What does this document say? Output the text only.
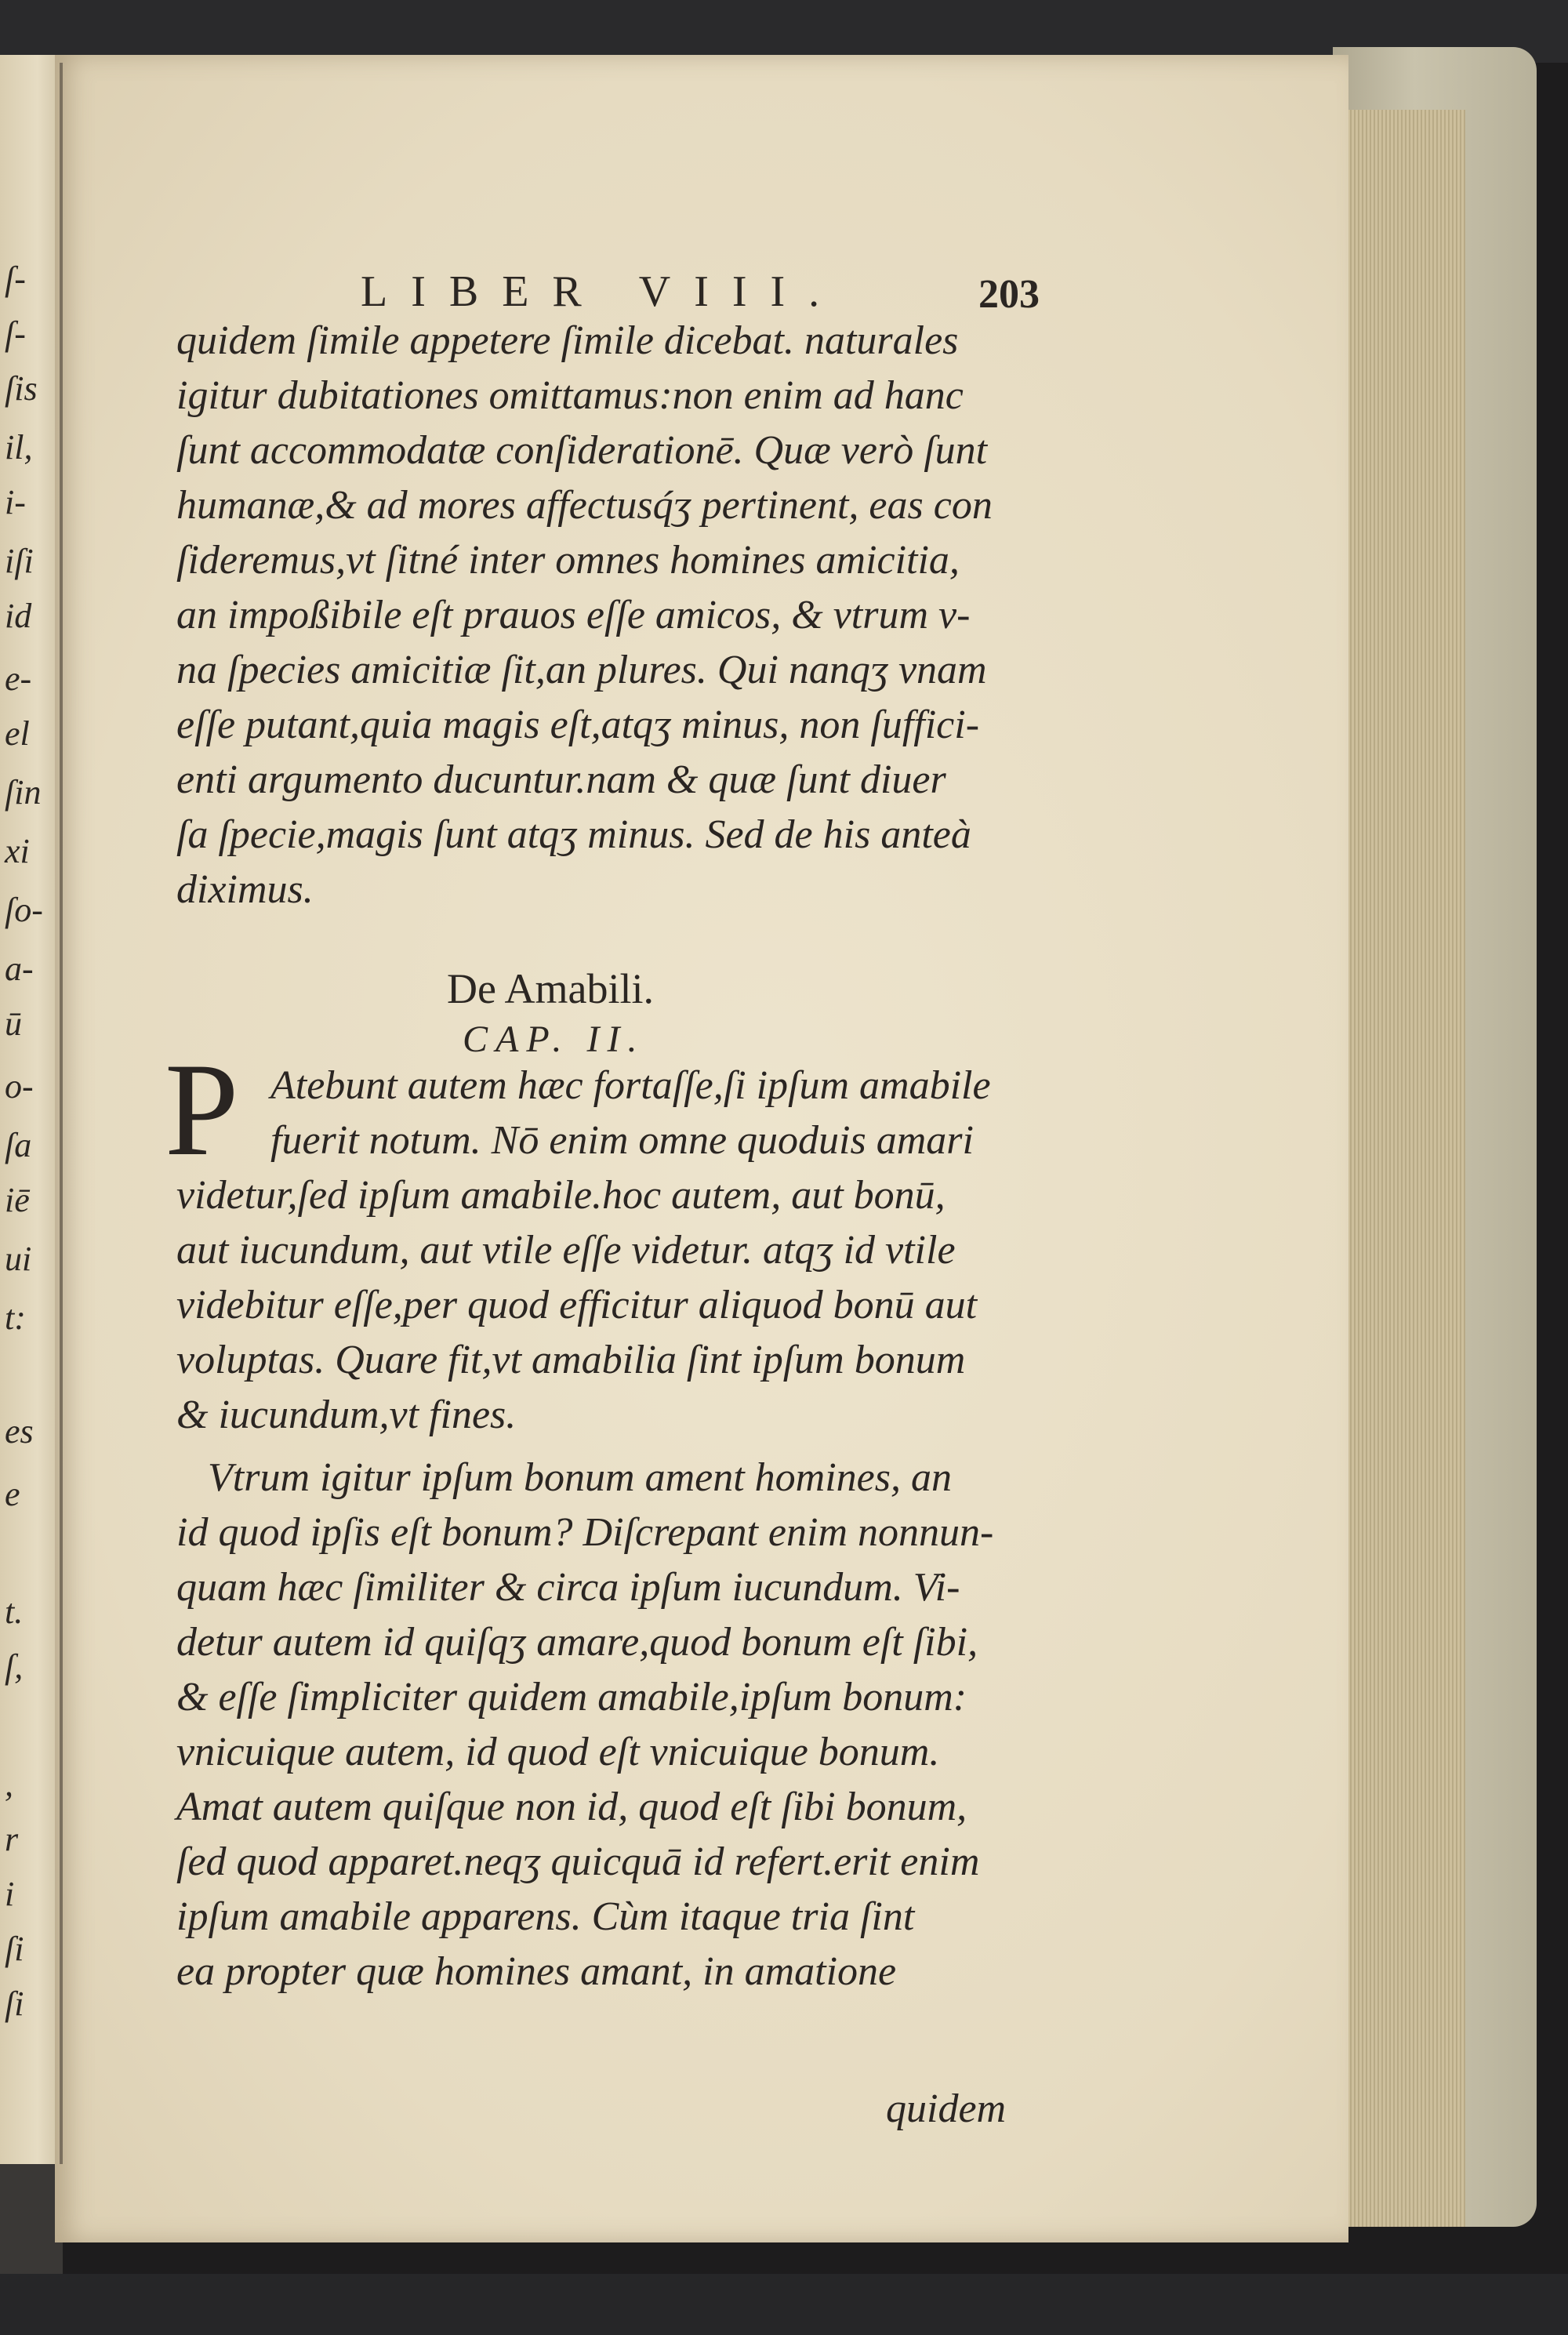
LIBER VIII.	203
quidem ſimile appetere ſimile dicebat. naturales
igitur dubitationes omittamus:non enim ad hanc
ſunt accommodatæ conſiderationē. Quæ verò ſunt
humanæ,& ad mores affectusq́ʒ pertinent, eas con
ſideremus,vt ſitné inter omnes homines amicitia,
an impoßibile eſt prauos eſſe amicos, & vtrum v-
na ſpecies amicitiæ ſit,an plures. Qui nanqʒ vnam
eſſe putant,quia magis eſt,atqʒ minus, non ſuffici-
enti argumento ducuntur.nam & quæ ſunt diuer
ſa ſpecie,magis ſunt atqʒ minus. Sed de his anteà
diximus.
De Amabili.
CAP. II.
P Atebunt autem hæc fortaſſe,ſi ipſum amabile
fuerit notum. Nō enim omne quoduis amari
videtur,ſed ipſum amabile.hoc autem, aut bonū,
aut iucundum, aut vtile eſſe videtur. atqʒ id vtile
videbitur eſſe,per quod efficitur aliquod bonū aut
voluptas. Quare fit,vt amabilia ſint ipſum bonum
& iucundum,vt fines.
Vtrum igitur ipſum bonum ament homines, an
id quod ipſis eſt bonum? Diſcrepant enim nonnun-
quam hæc ſimiliter & circa ipſum iucundum. Vi-
detur autem id quiſqʒ amare,quod bonum eſt ſibi,
& eſſe ſimpliciter quidem amabile,ipſum bonum:
vnicuique autem, id quod eſt vnicuique bonum.
Amat autem quiſque non id, quod eſt ſibi bonum,
ſed quod apparet.neqʒ quicquā id refert.erit enim
ipſum amabile apparens. Cùm itaque tria ſint
ea propter quæ homines amant, in amatione
quidem
ſ-
ſ-
ſis
il,
i-
iſi
id
e-
el
ſin
xi
ſo-
a-
ū
o-
ſa
iē
ui
t:
es
e
t.
ſ,
,
r
i
ſi
ſi
